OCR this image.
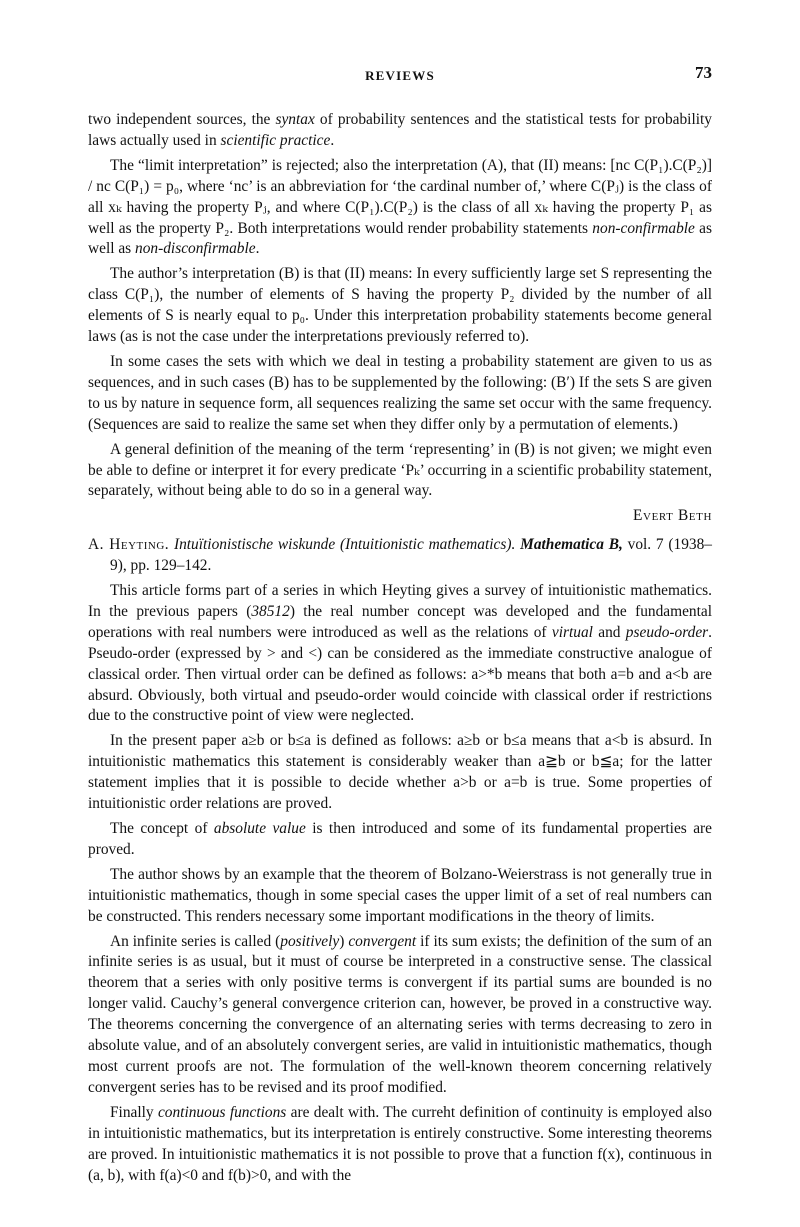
REVIEWS	73

two independent sources, the syntax of probability sentences and the statistical tests for probability laws actually used in scientific practice.

The “limit interpretation” is rejected; also the interpretation (A), that (II) means: [nc C(P₁).C(P₂)] / nc C(P₁) = p₀, where ‘nc’ is an abbreviation for ‘the cardinal number of,’ where C(Pⱼ) is the class of all xₖ having the property Pⱼ, and where C(P₁).C(P₂) is the class of all xₖ having the property P₁ as well as the property P₂. Both interpretations would render probability statements non-confirmable as well as non-disconfirmable.

The author’s interpretation (B) is that (II) means: In every sufficiently large set S representing the class C(P₁), the number of elements of S having the property P₂ divided by the number of all elements of S is nearly equal to p₀. Under this interpretation probability statements become general laws (as is not the case under the interpretations previously referred to).

In some cases the sets with which we deal in testing a probability statement are given to us as sequences, and in such cases (B) has to be supplemented by the following: (B′) If the sets S are given to us by nature in sequence form, all sequences realizing the same set occur with the same frequency. (Sequences are said to realize the same set when they differ only by a permutation of elements.)

A general definition of the meaning of the term ‘representing’ in (B) is not given; we might even be able to define or interpret it for every predicate ‘Pₖ’ occurring in a scientific probability statement, separately, without being able to do so in a general way.

Evert Beth

A. Heyting. Intuïtionistische wiskunde (Intuitionistic mathematics). Mathematica B, vol. 7 (1938–9), pp. 129–142.

This article forms part of a series in which Heyting gives a survey of intuitionistic mathematics. In the previous papers (38512) the real number concept was developed and the fundamental operations with real numbers were introduced as well as the relations of virtual and pseudo-order. Pseudo-order (expressed by > and <) can be considered as the immediate constructive analogue of classical order. Then virtual order can be defined as follows: a>*b means that both a=b and a<b are absurd. Obviously, both virtual and pseudo-order would coincide with classical order if restrictions due to the constructive point of view were neglected.

In the present paper a≥b or b≤a is defined as follows: a≥b or b≤a means that a<b is absurd. In intuitionistic mathematics this statement is considerably weaker than a≧b or b≦a; for the latter statement implies that it is possible to decide whether a>b or a=b is true. Some properties of intuitionistic order relations are proved.

The concept of absolute value is then introduced and some of its fundamental properties are proved.

The author shows by an example that the theorem of Bolzano-Weierstrass is not generally true in intuitionistic mathematics, though in some special cases the upper limit of a set of real numbers can be constructed. This renders necessary some important modifications in the theory of limits.

An infinite series is called (positively) convergent if its sum exists; the definition of the sum of an infinite series is as usual, but it must of course be interpreted in a constructive sense. The classical theorem that a series with only positive terms is convergent if its partial sums are bounded is no longer valid. Cauchy’s general convergence criterion can, however, be proved in a constructive way. The theorems concerning the convergence of an alternating series with terms decreasing to zero in absolute value, and of an absolutely convergent series, are valid in intuitionistic mathematics, though most current proofs are not. The formulation of the well-known theorem concerning relatively convergent series has to be revised and its proof modified.

Finally continuous functions are dealt with. The curreht definition of continuity is employed also in intuitionistic mathematics, but its interpretation is entirely constructive. Some interesting theorems are proved. In intuitionistic mathematics it is not possible to prove that a function f(x), continuous in (a, b), with f(a)<0 and f(b)>0, and with the
